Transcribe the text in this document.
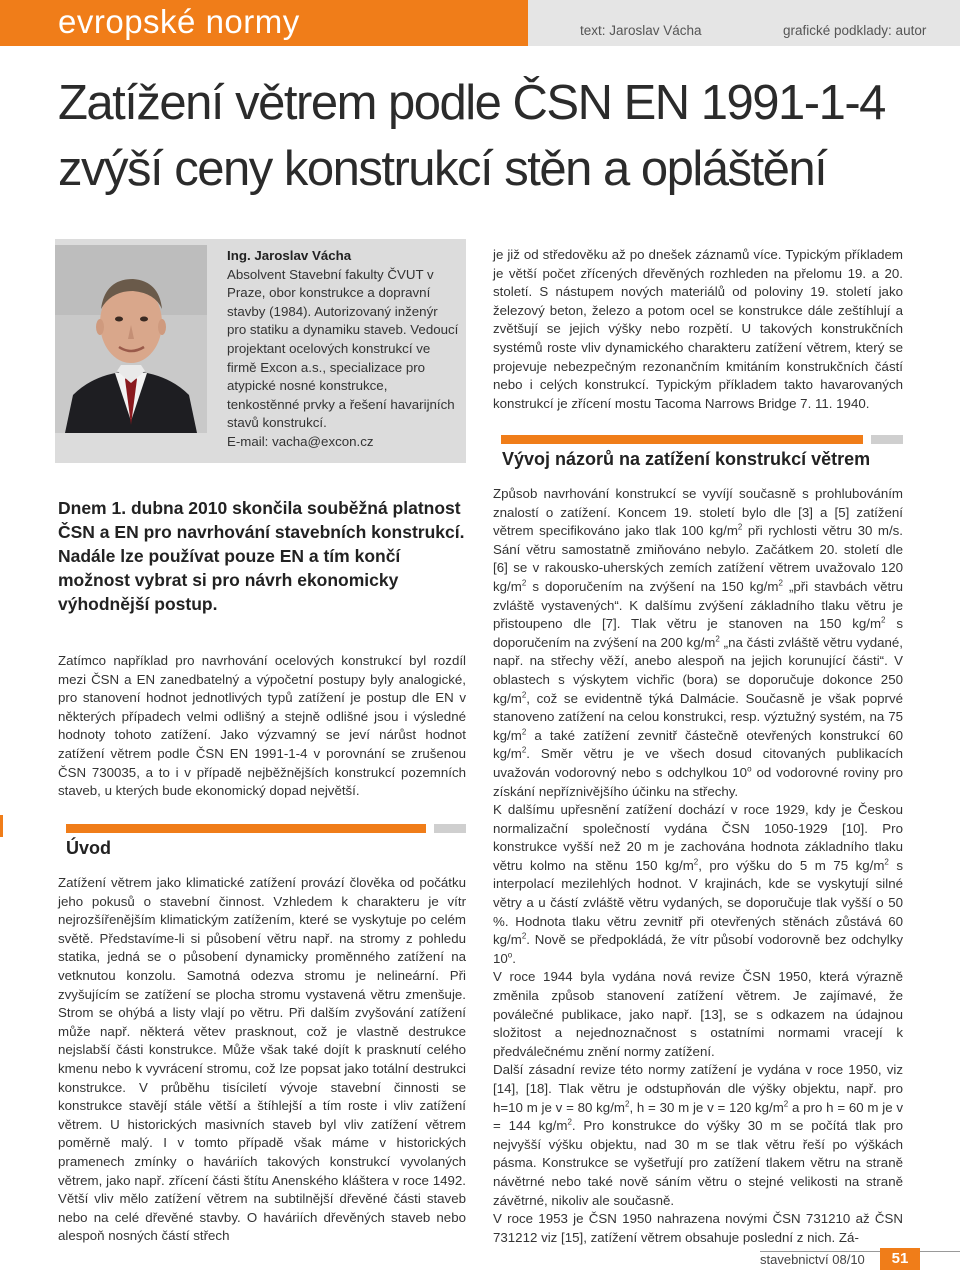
evropské normy	text: Jaroslav Vácha	grafické podklady: autor
Zatížení větrem podle ČSN EN 1991-1-4
zvýší ceny konstrukcí stěn a opláštění
Ing. Jaroslav Vácha
Absolvent Stavební fakulty ČVUT v Praze, obor konstrukce a dopravní stavby (1984). Autorizovaný inženýr pro statiku a dynamiku staveb. Vedoucí projektant ocelových konstrukcí ve firmě Excon a.s., specializace pro atypické nosné konstrukce, tenkostěnné prvky a řešení havarijních stavů konstrukcí.
E-mail: vacha@excon.cz
Dnem 1. dubna 2010 skončila souběžná platnost ČSN a EN pro navrhování stavebních konstrukcí. Nadále lze používat pouze EN a tím končí možnost vybrat si pro návrh ekonomicky výhodnější postup.

Zatímco například pro navrhování ocelových konstrukcí byl rozdíl mezi ČSN a EN zanedbatelný a výpočetní postupy byly analogické, pro stanovení hodnot jednotlivých typů zatížení je postup dle EN v některých případech velmi odlišný a stejně odlišné jsou i výsledné hodnoty tohoto zatížení. Jako výzvamný se jeví nárůst hodnot zatížení větrem podle ČSN EN 1991-1-4 v porovnání se zrušenou ČSN 730035, a to i v případě nejběžnějších konstrukcí pozemních staveb, u kterých bude ekonomický dopad největší.

Úvod

Zatížení větrem jako klimatické zatížení provází člověka od počátku jeho pokusů o stavební činnost. Vzhledem k charakteru je vítr nejrozšířenějším klimatickým zatížením, které se vyskytuje po celém světě. Představíme-li si působení větru např. na stromy z pohledu statika, jedná se o působení dynamicky proměnného zatížení na vetknutou konzolu. Samotná odezva stromu je nelineární. Při zvyšujícím se zatížení se plocha stromu vystavená větru zmenšuje. Strom se ohýbá a listy vlají po větru. Při dalším zvyšování zatížení může např. některá větev prasknout, což je vlastně destrukce nejslabší části konstrukce. Může však také dojít k prasknutí celého kmenu nebo k vyvrácení stromu, což lze popsat jako totální destrukci konstrukce. V průběhu tisíciletí vývoje stavební činnosti se konstrukce stavějí stále větší a štíhlejší a tím roste i vliv zatížení větrem. U historických masivních staveb byl vliv zatížení větrem poměrně malý. I v tomto případě však máme v historických pramenech zmínky o haváriích takových konstrukcí vyvolaných větrem, jako např. zřícení části štítu Anenského kláštera v roce 1492. Větší vliv mělo zatížení větrem na subtilnější dřevěné části staveb nebo na celé dřevěné stavby. O haváriích dřevěných staveb nebo alespoň nosných částí střech

je již od středověku až po dnešek záznamů více. Typickým příkladem je větší počet zřícených dřevěných rozhleden na přelomu 19. a 20. století. S nástupem nových materiálů od poloviny 19. století jako železový beton, železo a potom ocel se konstrukce dále zeštíhlují a zvětšují se jejich výšky nebo rozpětí. U takových konstrukčních systémů roste vliv dynamického charakteru zatížení větrem, který se projevuje nebezpečným rezonančním kmitáním konstrukčních částí nebo i celých konstrukcí. Typickým příkladem takto havarovaných konstrukcí je zřícení mostu Tacoma Narrows Bridge 7. 11. 1940.

Vývoj názorů na zatížení konstrukcí větrem

Způsob navrhování konstrukcí se vyvíjí současně s prohlubováním znalostí o zatížení. Koncem 19. století bylo dle [3] a [5] zatížení větrem specifikováno jako tlak 100 $kg/m^2$ při rychlosti větru 30 m/s. Sání větru samostatně zmiňováno nebylo. Začátkem 20. století dle [6] se v rakousko-uherských zemích zatížení větrem uvažovalo 120 $kg/m^2$ s doporučením na zvýšení na 150 $kg/m^2$ „při stavbách větru zvláště vystavených“. K dalšímu zvýšení základního tlaku větru je přistoupeno dle [7]. Tlak větru je stanoven na 150 $kg/m^2$ s doporučením na zvýšení na 200 $kg/m^2$ „na části zvláště větru vydané, např. na střechy věží, anebo alespoň na jejich korunující části“. V oblastech s výskytem vichřic (bora) se doporučuje dokonce 250 $kg/m^2$, což se evidentně týká Dalmácie. Současně je však poprvé stanoveno zatížení na celou konstrukci, resp. výztužný systém, na 75 $kg/m^2$ a také zatížení zevnitř částečně otevřených konstrukcí 60 $kg/m^2$. Směr větru je ve všech dosud citovaných publikacích uvažován vodorovný nebo s odchylkou 10$^o$ od vodorovné roviny pro získání nepříznivějšího účinku na střechy.

K dalšímu upřesnění zatížení dochází v roce 1929, kdy je Českou normalizační společností vydána ČSN 1050-1929 [10]. Pro konstrukce vyšší než 20 m je zachována hodnota základního tlaku větru kolmo na stěnu 150 $kg/m^2$, pro výšku do 5 m 75 $kg/m^2$ s interpolací mezilehlých hodnot. V krajinách, kde se vyskytují silné větry a u částí zvláště větru vydaných, se doporučuje tlak vyšší o 50 %. Hodnota tlaku větru zevnitř při otevřených stěnách zůstává 60 $kg/m^2$. Nově se předpokládá, že vítr působí vodorovně bez odchylky 10$^o$.

V roce 1944 byla vydána nová revize ČSN 1950, která výrazně změnila způsob stanovení zatížení větrem. Je zajímavé, že poválečné publikace, jako např. [13], se s odkazem na údajnou složitost a nejednoznačnost s ostatními normami vracejí k předválečnému znění normy zatížení.

Další zásadní revize této normy zatížení je vydána v roce 1950, viz [14], [18]. Tlak větru je odstupňován dle výšky objektu, např. pro h=10 m je v = 80 $kg/m^2$, h = 30 m je v = 120 $kg/m^2$ a pro h = 60 m je v = 144 $kg/m^2$. Pro konstrukce do výšky 30 m se počítá tlak pro nejvyšší výšku objektu, nad 30 m se tlak větru řeší po výškách pásma. Konstrukce se vyšetřují pro zatížení tlakem větru na straně návětrné nebo také nově sáním větru o stejné velikosti na straně závětrné, nikoliv ale současně.

V roce 1953 je ČSN 1950 nahrazena novými ČSN 731210 až ČSN 731212 viz [15], zatížení větrem obsahuje poslední z nich. Zá-

stavebnictví 08/10	51
